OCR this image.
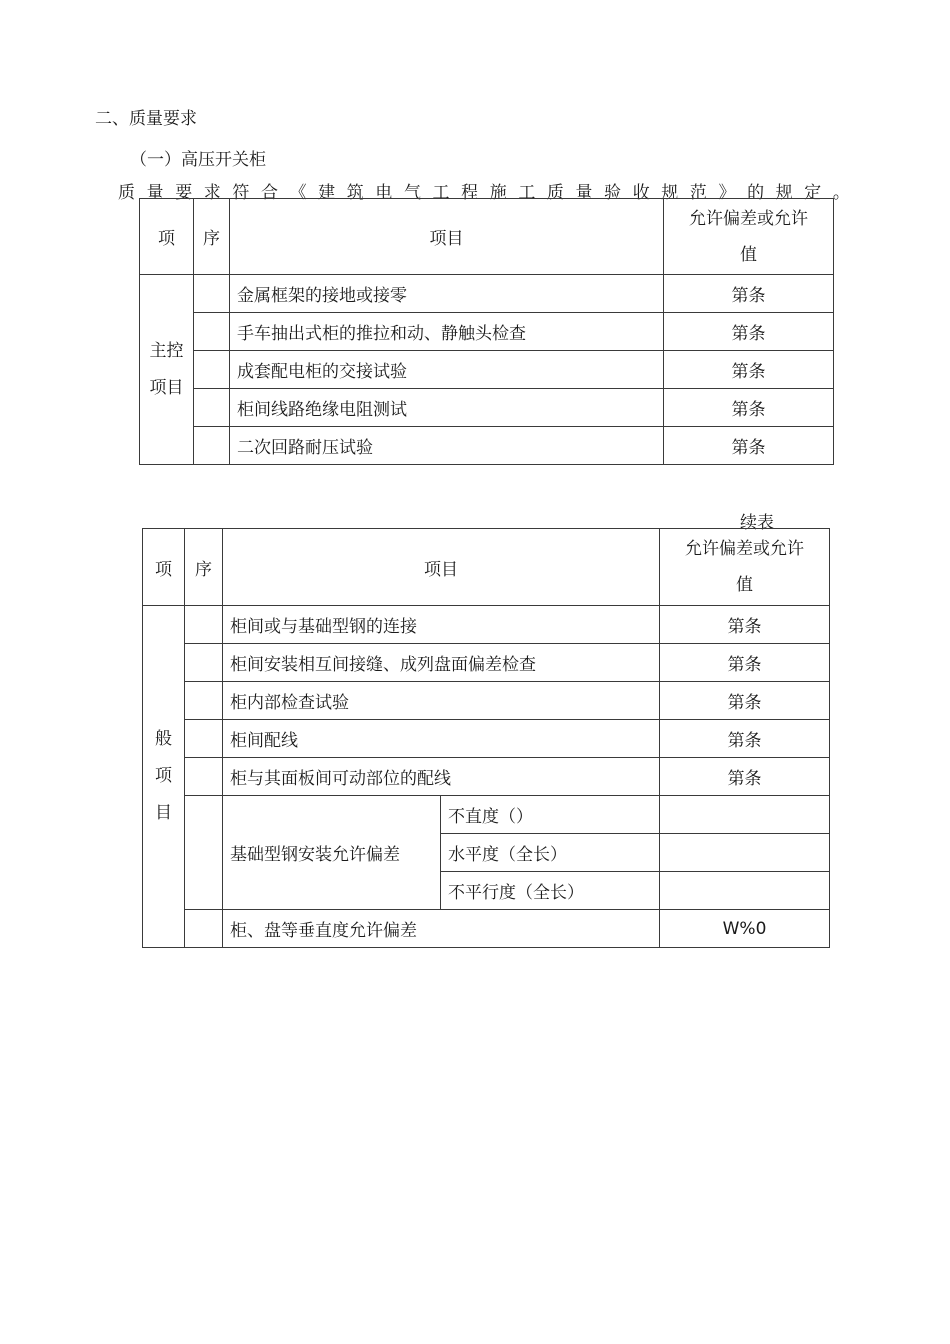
二、质量要求
（一）高压开关柜
质 量 要 求 符 合 《 建 筑 电 气 工 程 施 工 质 量 验 收 规 范 》 的 规 定 。
项	序	项目	允许偏差或允许
值
主控
项目		金属框架的接地或接零	第条
		手车抽出式柜的推拉和动、静触头检查	第条
		成套配电柜的交接试验	第条
		柜间线路绝缘电阻测试	第条
		二次回路耐压试验	第条
续表
项	序	项目		允许偏差或允许
值
般
项
目		柜间或与基础型钢的连接		第条
		柜间安装相互间接缝、成列盘面偏差检查		第条
		柜内部检查试验		第条
		柜间配线		第条
		柜与其面板间可动部位的配线		第条
		基础型钢安装允许偏差	不直度（）	
			水平度（全长）	
			不平行度（全长）	
		柜、盘等垂直度允许偏差		W%0
